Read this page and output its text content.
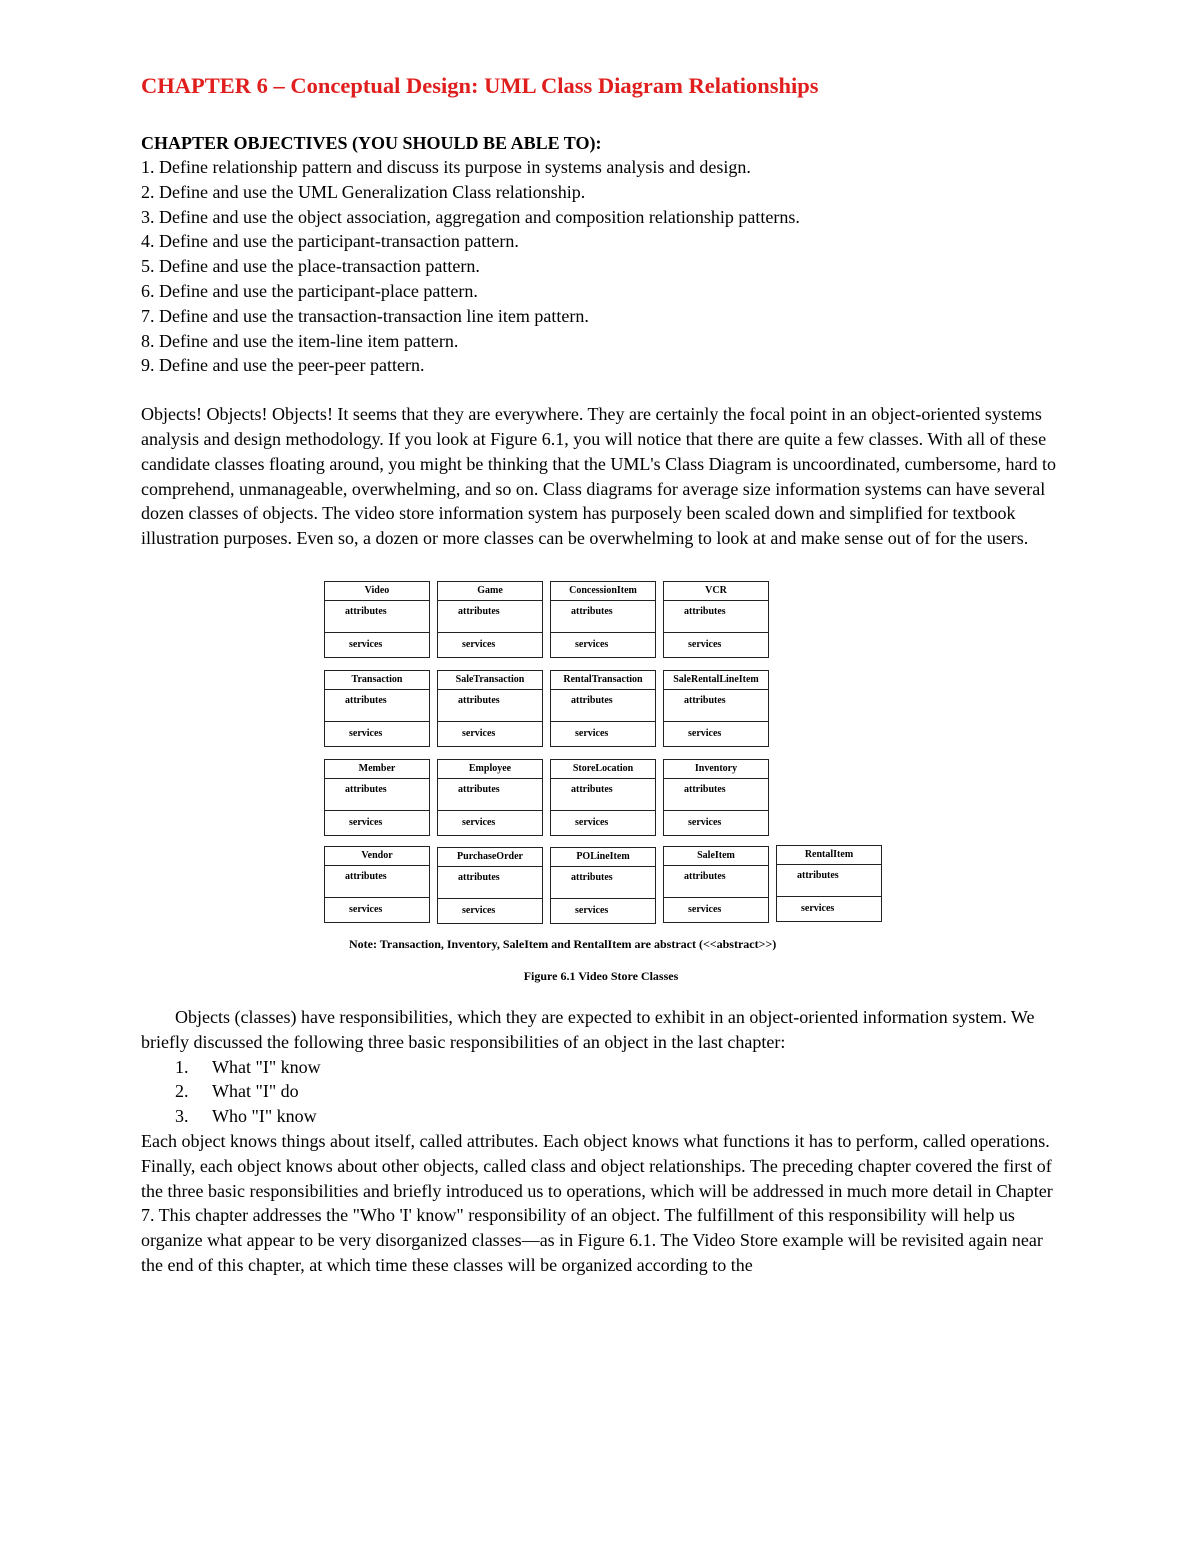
CHAPTER 6 – Conceptual Design: UML Class Diagram Relationships

CHAPTER OBJECTIVES (YOU SHOULD BE ABLE TO):

1. Define relationship pattern and discuss its purpose in systems analysis and design.
2. Define and use the UML Generalization Class relationship.
3. Define and use the object association, aggregation and composition relationship patterns.
4. Define and use the participant-transaction pattern.
5. Define and use the place-transaction pattern.
6. Define and use the participant-place pattern.
7. Define and use the transaction-transaction line item pattern.
8. Define and use the item-line item pattern.
9. Define and use the peer-peer pattern.

Objects! Objects! Objects! It seems that they are everywhere. They are certainly the focal point in an object-oriented systems analysis and design methodology. If you look at Figure 6.1, you will notice that there are quite a few classes. With all of these candidate classes floating around, you might be thinking that the UML's Class Diagram is uncoordinated, cumbersome, hard to comprehend, unmanageable, overwhelming, and so on. Class diagrams for average size information systems can have several dozen classes of objects. The video store information system has purposely been scaled down and simplified for textbook illustration purposes. Even so, a dozen or more classes can be overwhelming to look at and make sense out of for the users.

Video
attributes
services
Game
attributes
services
ConcessionItem
attributes
services
VCR
attributes
services
Transaction
attributes
services
SaleTransaction
attributes
services
RentalTransaction
attributes
services
SaleRentalLineItem
attributes
services
Member
attributes
services
Employee
attributes
services
StoreLocation
attributes
services
Inventory
attributes
services
Vendor
attributes
services
PurchaseOrder
attributes
services
POLineItem
attributes
services
SaleItem
attributes
services
RentalItem
attributes
services
Note: Transaction, Inventory, SaleItem and RentalItem are abstract (<<abstract>>)
Figure 6.1 Video Store Classes

Objects (classes) have responsibilities, which they are expected to exhibit in an object-oriented information system. We briefly discussed the following three basic responsibilities of an object in the last chapter:

1. What "I" know
2. What "I" do
3. Who "I" know

Each object knows things about itself, called attributes. Each object knows what functions it has to perform, called operations. Finally, each object knows about other objects, called class and object relationships. The preceding chapter covered the first of the three basic responsibilities and briefly introduced us to operations, which will be addressed in much more detail in Chapter 7. This chapter addresses the "Who 'I' know" responsibility of an object. The fulfillment of this responsibility will help us organize what appear to be very disorganized classes—as in Figure 6.1. The Video Store example will be revisited again near the end of this chapter, at which time these classes will be organized according to the
